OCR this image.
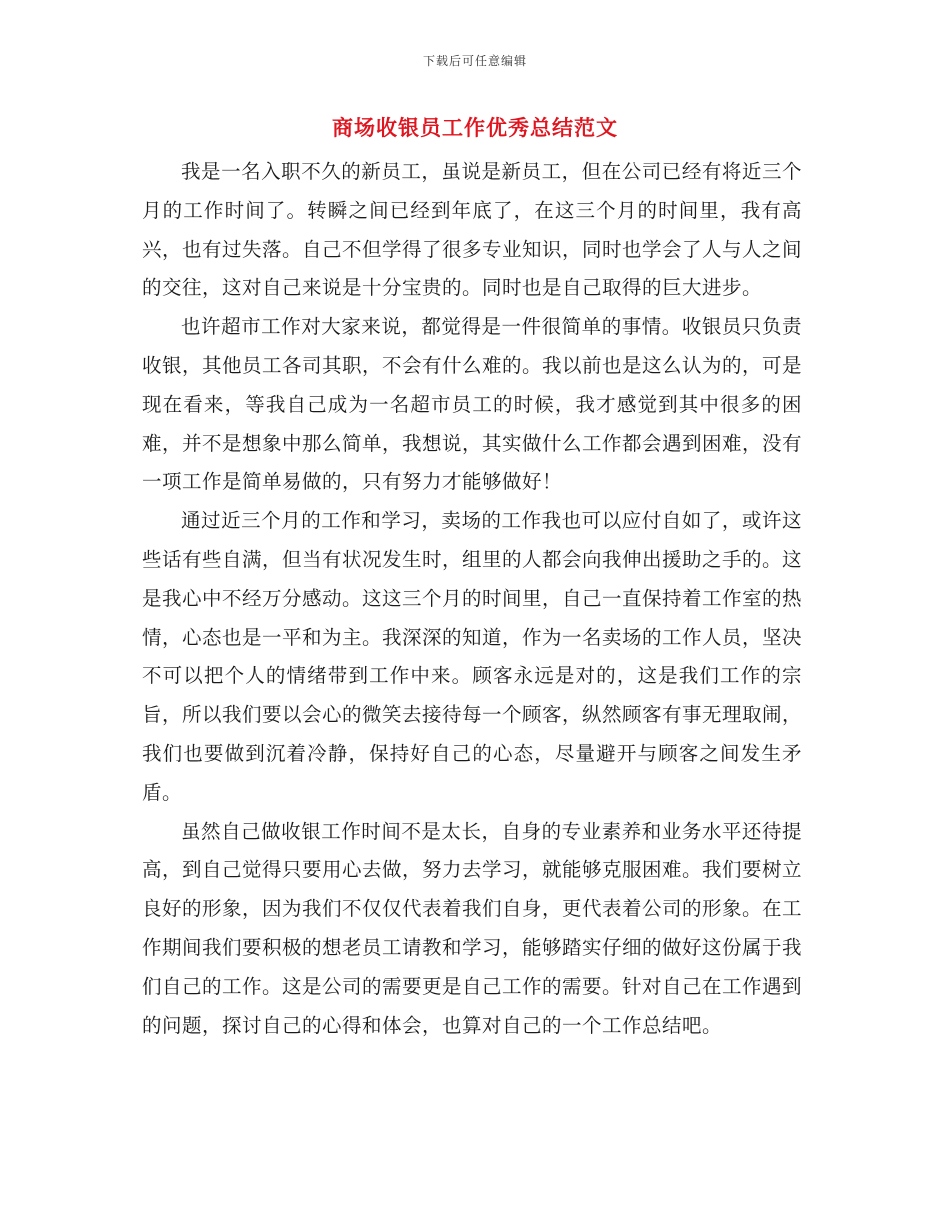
下载后可任意编辑
商场收银员工作优秀总结范文

我是一名入职不久的新员工，虽说是新员工，但在公司已经有将近三个月的工作时间了。转瞬之间已经到年底了，在这三个月的时间里，我有高兴，也有过失落。自己不但学得了很多专业知识，同时也学会了人与人之间的交往，这对自己来说是十分宝贵的。同时也是自己取得的巨大进步。

也许超市工作对大家来说，都觉得是一件很简单的事情。收银员只负责收银，其他员工各司其职，不会有什么难的。我以前也是这么认为的，可是现在看来，等我自己成为一名超市员工的时候，我才感觉到其中很多的困难，并不是想象中那么简单，我想说，其实做什么工作都会遇到困难，没有一项工作是简单易做的，只有努力才能够做好！

通过近三个月的工作和学习，卖场的工作我也可以应付自如了，或许这些话有些自满，但当有状况发生时，组里的人都会向我伸出援助之手的。这是我心中不经万分感动。这这三个月的时间里，自己一直保持着工作室的热情，心态也是一平和为主。我深深的知道，作为一名卖场的工作人员，坚决不可以把个人的情绪带到工作中来。顾客永远是对的，这是我们工作的宗旨，所以我们要以会心的微笑去接待每一个顾客，纵然顾客有事无理取闹，我们也要做到沉着冷静，保持好自己的心态，尽量避开与顾客之间发生矛盾。

虽然自己做收银工作时间不是太长，自身的专业素养和业务水平还待提高，到自己觉得只要用心去做，努力去学习，就能够克服困难。我们要树立良好的形象，因为我们不仅仅代表着我们自身，更代表着公司的形象。在工作期间我们要积极的想老员工请教和学习，能够踏实仔细的做好这份属于我们自己的工作。这是公司的需要更是自己工作的需要。针对自己在工作遇到的问题，探讨自己的心得和体会，也算对自己的一个工作总结吧。
